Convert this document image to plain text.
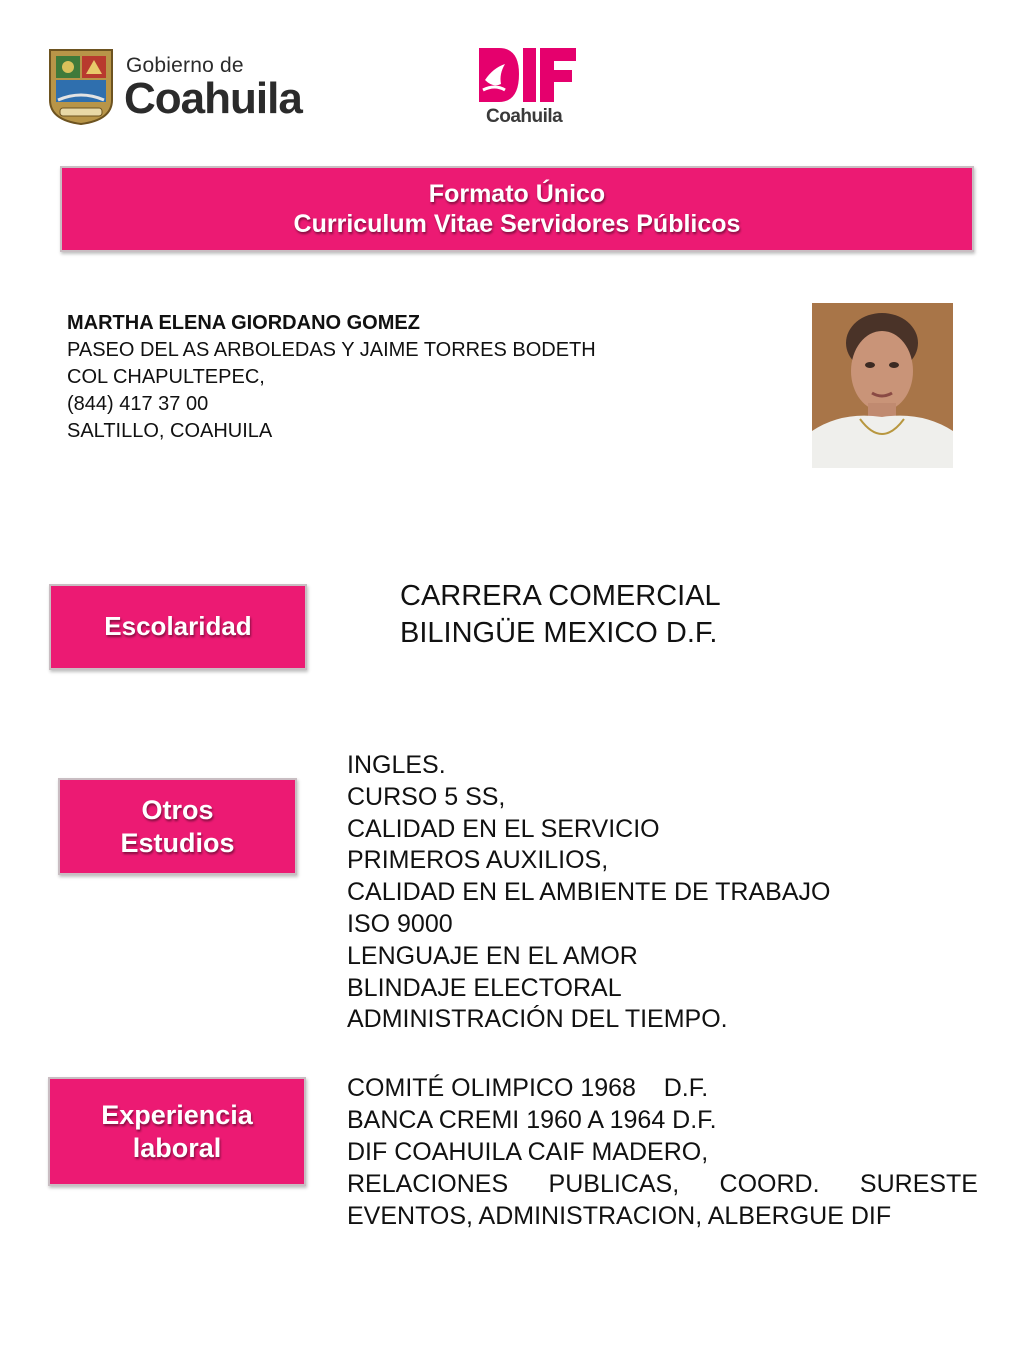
Gobierno de
Coahuila	Coahuila
Formato Único
Curriculum Vitae Servidores Públicos
MARTHA ELENA GIORDANO GOMEZ
PASEO DEL AS ARBOLEDAS Y JAIME TORRES BODETH
COL CHAPULTEPEC,
(844) 417 37 00
SALTILLO, COAHUILA
Escolaridad
CARRERA COMERCIAL
BILINGÜE MEXICO D.F.
Otros
Estudios
INGLES.
CURSO 5 SS,
CALIDAD EN EL SERVICIO
PRIMEROS AUXILIOS,
CALIDAD EN EL AMBIENTE DE TRABAJO
ISO 9000
LENGUAJE EN EL AMOR
BLINDAJE ELECTORAL
ADMINISTRACIÓN DEL TIEMPO.
Experiencia
laboral
COMITÉ OLIMPICO 1968    D.F.
BANCA CREMI 1960 A 1964 D.F.
DIF COAHUILA CAIF MADERO,
RELACIONES PUBLICAS, COORD. SURESTE
EVENTOS, ADMINISTRACION, ALBERGUE DIF
